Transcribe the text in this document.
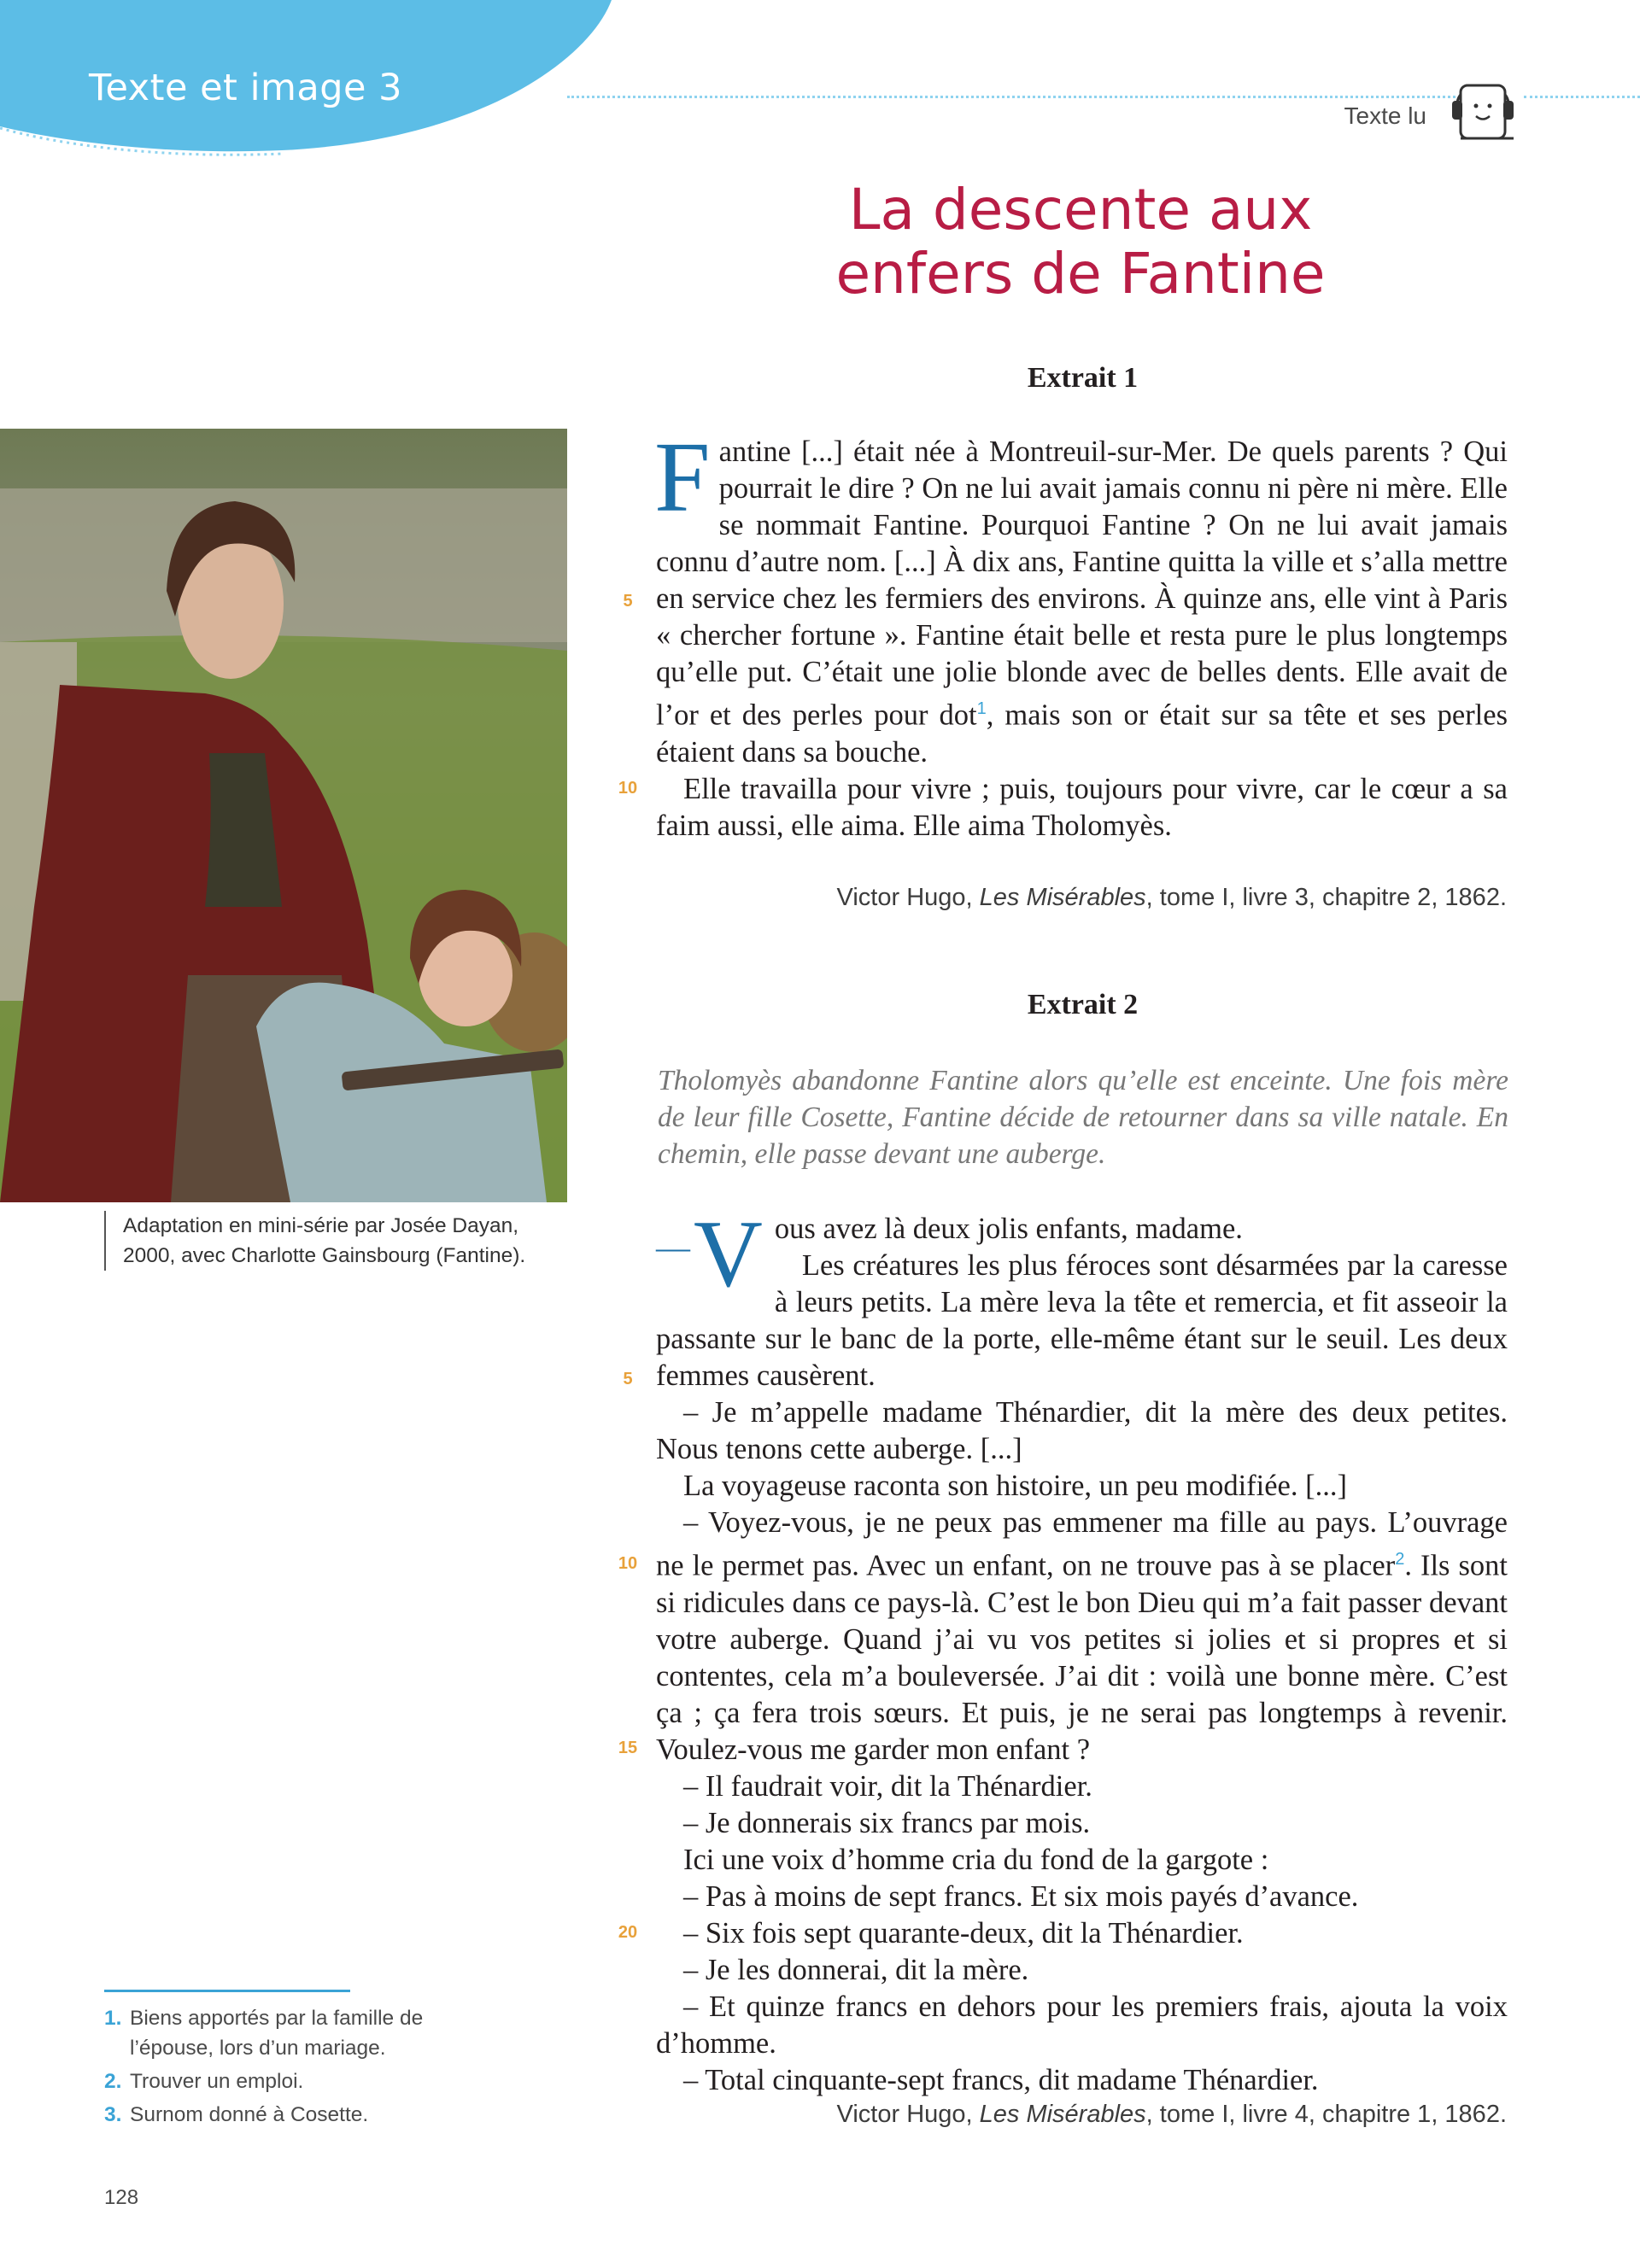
Texte et image 3
Texte lu
La descente aux
enfers de Fantine
Extrait 1

Fantine [...] était née à Montreuil-sur-Mer. De quels parents ? Qui pourrait le dire ? On ne lui avait jamais connu ni père ni mère. Elle se nommait Fantine. Pourquoi Fantine ? On ne lui avait jamais connu d’autre nom. [...] À dix ans, Fantine quitta la ville et s’alla mettre en service chez les fermiers des environs. À quinze ans, elle vint à Paris « chercher fortune ». Fantine était belle et resta pure le plus longtemps qu’elle put. C’était une jolie blonde avec de belles dents. Elle avait de l’or et des perles pour dot$^1$, mais son or était sur sa tête et ses perles étaient dans sa bouche.

Elle travailla pour vivre ; puis, toujours pour vivre, car le cœur a sa faim aussi, elle aima. Elle aima Tholomyès.

5
10
Victor Hugo, Les Misérables, tome I, livre 3, chapitre 2, 1862.
Extrait 2
Tholomyès abandonne Fantine alors qu’elle est enceinte. Une fois mère de leur fille Cosette, Fantine décide de retourner dans sa ville natale. En chemin, elle passe devant une auberge.

— V ous avez là deux jolis enfants, madame.

Les créatures les plus féroces sont désarmées par la caresse à leurs petits. La mère leva la tête et remercia, et fit asseoir la passante sur le banc de la porte, elle-même étant sur le seuil. Les deux femmes causèrent.

– Je m’appelle madame Thénardier, dit la mère des deux petites. Nous tenons cette auberge. [...]

La voyageuse raconta son histoire, un peu modifiée. [...]

– Voyez-vous, je ne peux pas emmener ma fille au pays. L’ouvrage ne le permet pas. Avec un enfant, on ne trouve pas à se placer$^2$. Ils sont si ridicules dans ce pays-là. C’est le bon Dieu qui m’a fait passer devant votre auberge. Quand j’ai vu vos petites si jolies et si propres et si contentes, cela m’a bouleversée. J’ai dit : voilà une bonne mère. C’est ça ; ça fera trois sœurs. Et puis, je ne serai pas longtemps à revenir. Voulez-vous me garder mon enfant ?

– Il faudrait voir, dit la Thénardier.

– Je donnerais six francs par mois.

Ici une voix d’homme cria du fond de la gargote :

– Pas à moins de sept francs. Et six mois payés d’avance.

– Six fois sept quarante-deux, dit la Thénardier.

– Je les donnerai, dit la mère.

– Et quinze francs en dehors pour les premiers frais, ajouta la voix d’homme.

– Total cinquante-sept francs, dit madame Thénardier.

5
10
15
20
Victor Hugo, Les Misérables, tome I, livre 4, chapitre 1, 1862.
Adaptation en mini-série par Josée Dayan, 2000, avec Charlotte Gainsbourg (Fantine).
1. Biens apportés par la famille de l’épouse, lors d’un mariage.
2. Trouver un emploi.
3. Surnom donné à Cosette.
128
